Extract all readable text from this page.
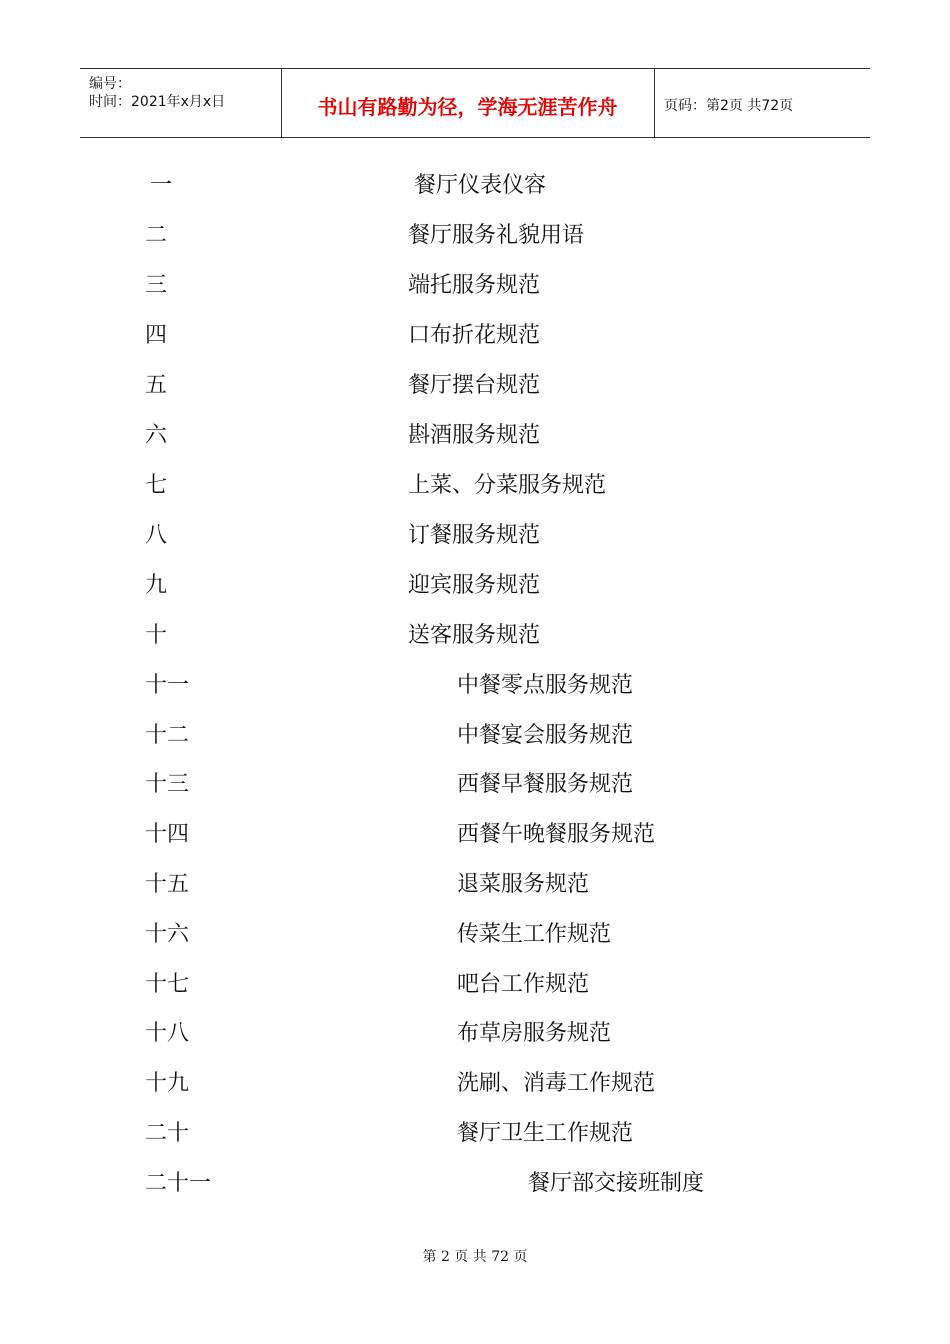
编号：
时间：2021年x月x日	书山有路勤为径，学海无涯苦作舟	页码：第2页 共72页
一	餐厅仪表仪容
二	餐厅服务礼貌用语
三	端托服务规范
四	口布折花规范
五	餐厅摆台规范
六	斟酒服务规范
七	上菜、分菜服务规范
八	订餐服务规范
九	迎宾服务规范
十	送客服务规范
十一	中餐零点服务规范
十二	中餐宴会服务规范
十三	西餐早餐服务规范
十四	西餐午晚餐服务规范
十五	退菜服务规范
十六	传菜生工作规范
十七	吧台工作规范
十八	布草房服务规范
十九	洗刷、消毒工作规范
二十	餐厅卫生工作规范
二十一	餐厅部交接班制度
第 2 页 共 72 页
